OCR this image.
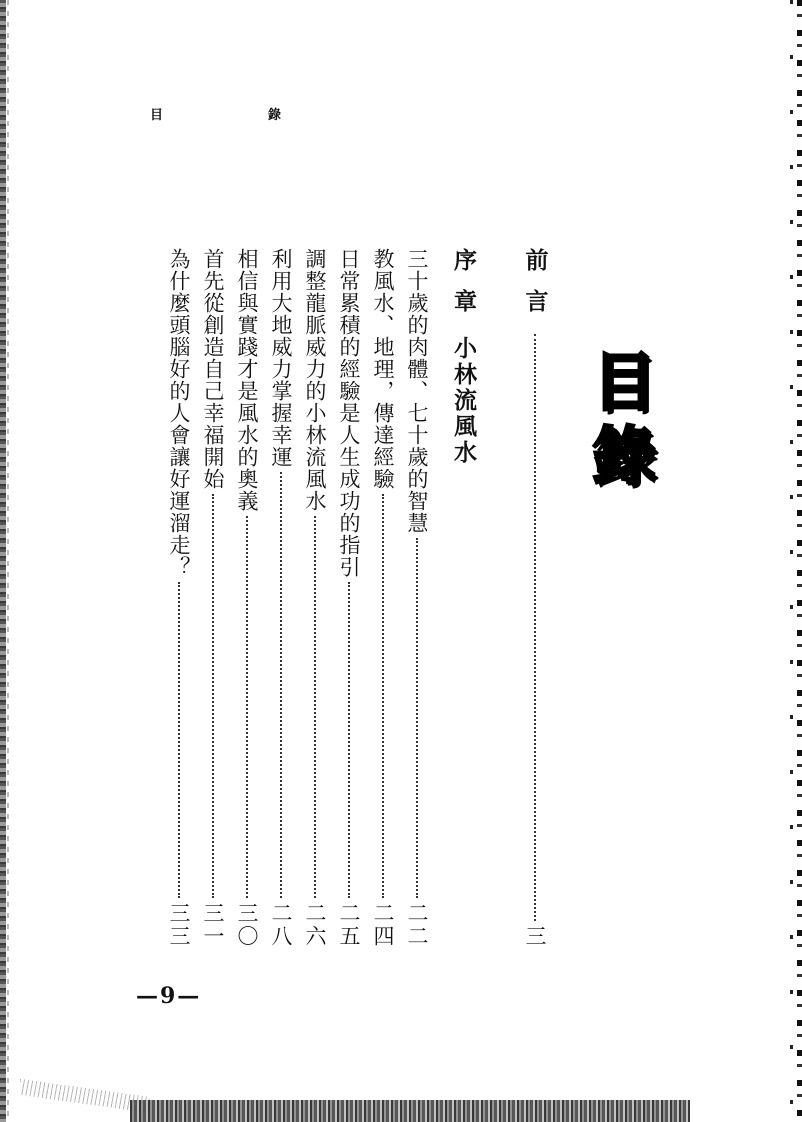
目　錄
目錄
前言
三
序章小林流風水
三十歲的肉體、七十歲的智慧
二二
教風水、地理，傳達經驗
二四
日常累積的經驗是人生成功的指引
二五
調整龍脈威力的小林流風水
二六
利用大地威力掌握幸運
二八
相信與實踐才是風水的奧義
三〇
首先從創造自己幸福開始
三一
為什麼頭腦好的人會讓好運溜走？
三三
—9—
